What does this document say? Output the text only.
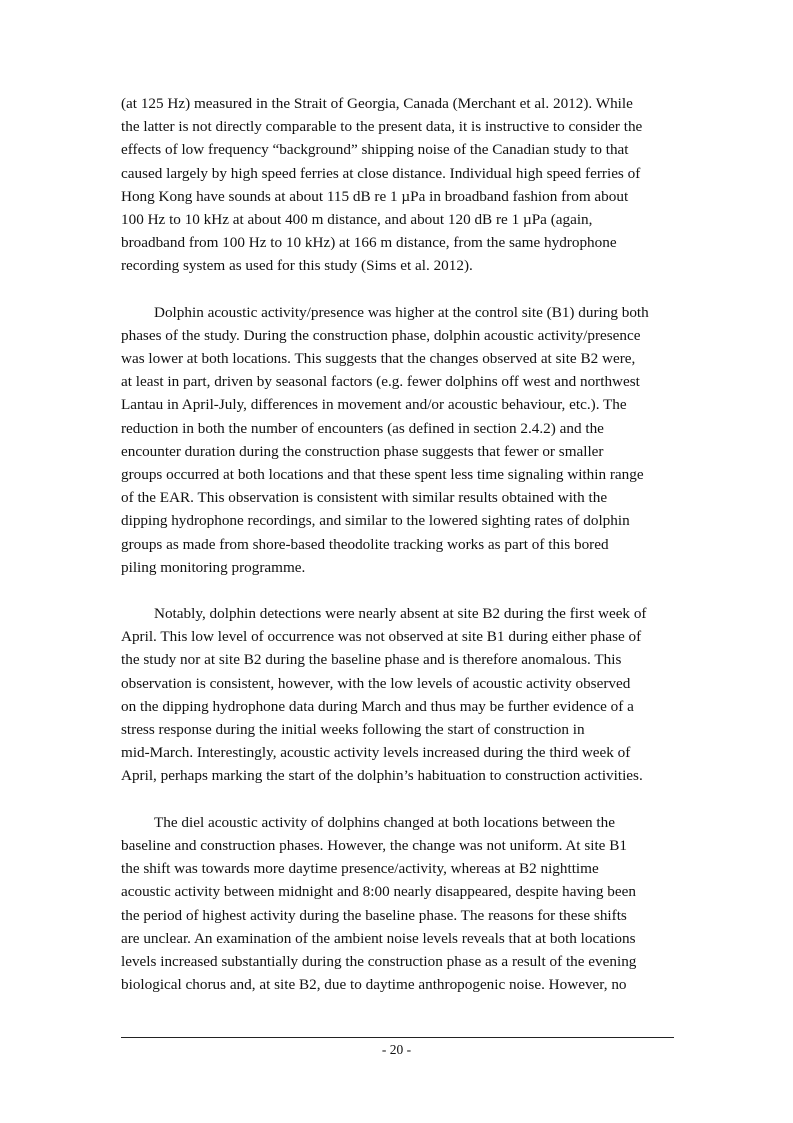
(at 125 Hz) measured in the Strait of Georgia, Canada (Merchant et al. 2012). While
the latter is not directly comparable to the present data, it is instructive to consider the
effects of low frequency “background” shipping noise of the Canadian study to that
caused largely by high speed ferries at close distance. Individual high speed ferries of
Hong Kong have sounds at about 115 dB re 1 µPa in broadband fashion from about
100 Hz to 10 kHz at about 400 m distance, and about 120 dB re 1 µPa (again,
broadband from 100 Hz to 10 kHz) at 166 m distance, from the same hydrophone
recording system as used for this study (Sims et al. 2012).
Dolphin acoustic activity/presence was higher at the control site (B1) during both
phases of the study. During the construction phase, dolphin acoustic activity/presence
was lower at both locations. This suggests that the changes observed at site B2 were,
at least in part, driven by seasonal factors (e.g. fewer dolphins off west and northwest
Lantau in April-July, differences in movement and/or acoustic behaviour, etc.). The
reduction in both the number of encounters (as defined in section 2.4.2) and the
encounter duration during the construction phase suggests that fewer or smaller
groups occurred at both locations and that these spent less time signaling within range
of the EAR. This observation is consistent with similar results obtained with the
dipping hydrophone recordings, and similar to the lowered sighting rates of dolphin
groups as made from shore-based theodolite tracking works as part of this bored
piling monitoring programme.
Notably, dolphin detections were nearly absent at site B2 during the first week of
April. This low level of occurrence was not observed at site B1 during either phase of
the study nor at site B2 during the baseline phase and is therefore anomalous. This
observation is consistent, however, with the low levels of acoustic activity observed
on the dipping hydrophone data during March and thus may be further evidence of a
stress response during the initial weeks following the start of construction in
mid-March. Interestingly, acoustic activity levels increased during the third week of
April, perhaps marking the start of the dolphin’s habituation to construction activities.
The diel acoustic activity of dolphins changed at both locations between the
baseline and construction phases. However, the change was not uniform. At site B1
the shift was towards more daytime presence/activity, whereas at B2 nighttime
acoustic activity between midnight and 8:00 nearly disappeared, despite having been
the period of highest activity during the baseline phase. The reasons for these shifts
are unclear. An examination of the ambient noise levels reveals that at both locations
levels increased substantially during the construction phase as a result of the evening
biological chorus and, at site B2, due to daytime anthropogenic noise. However, no
- 20 -
